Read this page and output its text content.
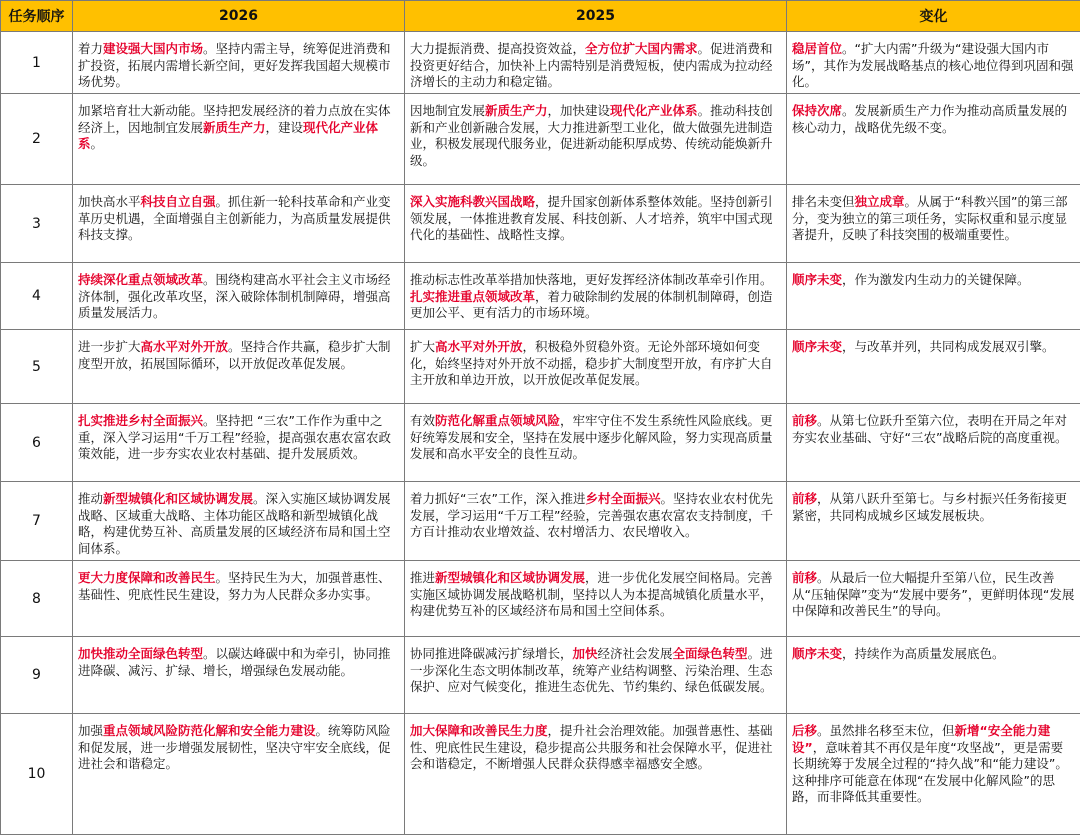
任务顺序	2026	2025	变化
1	着力建设强大国内市场。坚持内需主导，统筹促进消费和扩投资，拓展内需增长新空间，更好发挥我国超大规模市场优势。	大力提振消费、提高投资效益，全方位扩大国内需求。促进消费和投资更好结合，加快补上内需特别是消费短板，使内需成为拉动经济增长的主动力和稳定锚。	稳居首位。“扩大内需”升级为“建设强大国内市场”，其作为发展战略基点的核心地位得到巩固和强化。
2	加紧培育壮大新动能。坚持把发展经济的着力点放在实体经济上，因地制宜发展新质生产力，建设现代化产业体系。	因地制宜发展新质生产力，加快建设现代化产业体系。推动科技创新和产业创新融合发展，大力推进新型工业化，做大做强先进制造业，积极发展现代服务业，促进新动能积厚成势、传统动能焕新升级。	保持次席。发展新质生产力作为推动高质量发展的核心动力，战略优先级不变。
3	加快高水平科技自立自强。抓住新一轮科技革命和产业变革历史机遇，全面增强自主创新能力，为高质量发展提供科技支撑。	深入实施科教兴国战略，提升国家创新体系整体效能。坚持创新引领发展，一体推进教育发展、科技创新、人才培养，筑牢中国式现代化的基础性、战略性支撑。	排名未变但独立成章。从属于“科教兴国”的第三部分，变为独立的第三项任务，实际权重和显示度显著提升，反映了科技突围的极端重要性。
4	持续深化重点领域改革。围绕构建高水平社会主义市场经济体制，强化改革攻坚，深入破除体制机制障碍，增强高质量发展活力。	推动标志性改革举措加快落地，更好发挥经济体制改革牵引作用。扎实推进重点领域改革，着力破除制约发展的体制机制障碍，创造更加公平、更有活力的市场环境。	顺序未变，作为激发内生动力的关键保障。
5	进一步扩大高水平对外开放。坚持合作共赢，稳步扩大制度型开放，拓展国际循环，以开放促改革促发展。	扩大高水平对外开放，积极稳外贸稳外资。无论外部环境如何变化，始终坚持对外开放不动摇，稳步扩大制度型开放，有序扩大自主开放和单边开放，以开放促改革促发展。	顺序未变，与改革并列，共同构成发展双引擎。
6	扎实推进乡村全面振兴。坚持把 “三农”工作作为重中之重，深入学习运用“千万工程”经验，提高强农惠农富农政策效能，进一步夯实农业农村基础、提升发展质效。	有效防范化解重点领域风险，牢牢守住不发生系统性风险底线。更好统筹发展和安全，坚持在发展中逐步化解风险，努力实现高质量发展和高水平安全的良性互动。	前移。从第七位跃升至第六位，表明在开局之年对夯实农业基础、守好“三农”战略后院的高度重视。
7	推动新型城镇化和区域协调发展。深入实施区域协调发展战略、区域重大战略、主体功能区战略和新型城镇化战略，构建优势互补、高质量发展的区域经济布局和国土空间体系。	着力抓好“三农”工作，深入推进乡村全面振兴。坚持农业农村优先发展，学习运用“千万工程”经验，完善强农惠农富农支持制度，千方百计推动农业增效益、农村增活力、农民增收入。	前移，从第八跃升至第七。与乡村振兴任务衔接更紧密，共同构成城乡区域发展板块。
8	更大力度保障和改善民生。坚持民生为大，加强普惠性、基础性、兜底性民生建设，努力为人民群众多办实事。	推进新型城镇化和区域协调发展，进一步优化发展空间格局。完善实施区域协调发展战略机制，坚持以人为本提高城镇化质量水平，构建优势互补的区域经济布局和国土空间体系。	前移。从最后一位大幅提升至第八位，民生改善从“压轴保障”变为“发展中要务”，更鲜明体现“发展中保障和改善民生”的导向。
9	加快推动全面绿色转型。以碳达峰碳中和为牵引，协同推进降碳、减污、扩绿、增长，增强绿色发展动能。	协同推进降碳减污扩绿增长，加快经济社会发展全面绿色转型。进一步深化生态文明体制改革，统筹产业结构调整、污染治理、生态保护、应对气候变化，推进生态优先、节约集约、绿色低碳发展。	顺序未变，持续作为高质量发展底色。
10	加强重点领域风险防范化解和安全能力建设。统筹防风险和促发展，进一步增强发展韧性，坚决守牢安全底线，促进社会和谐稳定。	加大保障和改善民生力度，提升社会治理效能。加强普惠性、基础性、兜底性民生建设，稳步提高公共服务和社会保障水平，促进社会和谐稳定，不断增强人民群众获得感幸福感安全感。	后移。虽然排名移至末位，但新增“安全能力建设”，意味着其不再仅是年度“攻坚战”，更是需要长期统筹于发展全过程的“持久战”和“能力建设”。这种排序可能意在体现“在发展中化解风险”的思路，而非降低其重要性。
